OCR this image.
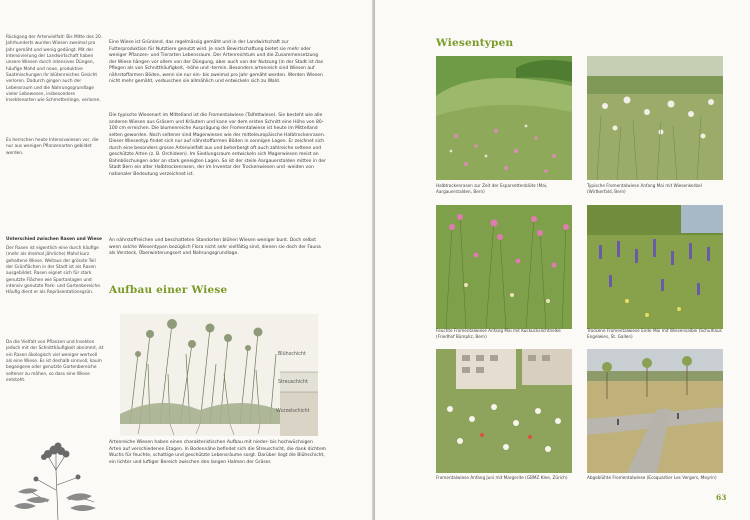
Rückgang der Artenvielfalt: Bis Mitte des 20. Jahrhunderts wurden Wiesen zweimal pro Jahr gemäht und wenig gedüngt. Mit der Intensivierung der Landwirtschaft haben unsere Wiesen durch intensives Düngen, häufige Mahd und neue, produktive Saatmischungen ihr blütenreiches Gesicht verloren. Dadurch gingen auch der Lebensraum und die Nahrungsgrundlage vieler Lebewesen, insbesondere Insektenarten wie Schmetterlinge, verloren.

Es herrschen heute Intensivwiesen vor, die nur aus wenigen Pflanzenarten gebildet werden.

Unterschied zwischen Rasen und Wiese

Der Rasen ist eigentlich eine durch häufige (mehr als dreimal jährliche) Mahd kurz gehaltene Wiese. Weitaus der grösste Teil der Grünflächen in der Stadt ist als Rasen ausgebildet. Rasen eignet sich für stark genutzte Flächen wie Sportanlagen und intensiv genutzte Park- und Gartenbereiche. Häufig dient er als Repräsentationsgrün.

Da die Vielfalt von Pflanzen und Insekten jedoch mit der Schnitthäufigkeit abnimmt, ist ein Rasen ökologisch viel weniger wertvoll als eine Wiese. Es ist deshalb sinnvoll, kaum begangene oder genutzte Gartenbereiche seltener zu mähen, so dass eine Wiese entsteht.

Eine Wiese ist Grünland, das regelmässig gemäht und in der Landwirtschaft zur Futterproduktion für Nutztiere genutzt wird. Je nach Bewirtschaftung bietet sie mehr oder weniger Pflanzen- und Tierarten Lebensraum. Der Artenreichtum und die Zusammensetzung der Wiese hängen vor allem von der Düngung, aber auch von der Nutzung (in der Stadt ist das Pflegen als von Schnitthäufigkeit, -höhe und -termin. Besonders artenreich sind Wiesen auf nährstoffarmen Böden, wenn sie nur ein- bis zweimal pro Jahr gemäht werden. Werden Wiesen nicht mehr gemäht, verbuschen sie allmählich und entwickeln sich zu Wald.
Die typische Wiesenart im Mittelland ist die Fromentalwiese (Talfettwiese). Sie besteht wie alle anderen Wiesen aus Gräsern und Kräutern und kann vor dem ersten Schnitt eine Höhe von 80–100 cm erreichen. Die blumenreiche Ausprägung der Fromentalwiese ist heute im Mittelland selten geworden. Noch seltener sind Magerwiesen wie der mitteleuropäische Halbtrockenrasen. Dieser Wiesentyp findet sich nur auf nährstoffarmen Böden in sonnigen Lagen. Er zeichnet sich durch eine besonders grosse Artenvielfalt aus und beherbergt oft auch zahlreiche seltene und geschützte Arten (z. B. Orchideen). Im Siedlungsraum entwickeln sich Magerwiesen meist an Bahnböschungen oder an stark geneigten Lagen. So ist der steile Aargauerstalden mitten in der Stadt Bern ein alter Halbtrockenrasen, der im Inventar der Trockenwiesen und -weiden von nationaler Bedeutung verzeichnet ist.
An nährstoffreichen und beschatteten Standorten blühen Wiesen weniger bunt. Doch selbst wenn solche Wiesentypen bezüglich Flora nicht sehr vielfältig sind, dienen sie doch der Fauna als Versteck, Überwinterungsort und Nahrungsgrundlage.
Aufbau einer Wiese
Blühschicht
Streuschicht
Wurzelschicht
Artenreiche Wiesen haben einen charakteristischen Aufbau mit nieder- bis hochwüchsigen Arten auf verschiedenen Etagen. In Bodennähe befindet sich die Streuschicht, die dank dichtem Wuchs für feuchte, schattige und geschützte Lebensräume sorgt. Darüber liegt die Blühschicht, ein lichter und luftiger Bereich zwischen den langen Halmen der Gräser.
Wiesentypen
Halbtrockenrasen zur Zeit der Esparsettenblüte (Mai, Aargauerstalden, Bern)
Typische Fromentalwiese Anfang Mai mit Wiesenkerbel (Wirtkerfald, Bern)
Feuchte Fromentalwiese Anfang Mai mit Kuckuckslichtnelke (Friedhof Bümpliz, Bern)
Trockene Fromentalwiese Ende Mai mit Wiesensalbei (Schulhaus Engelwies, St. Gallen)
Fromentalwiese Anfang Juni mit Margerite (GBMZ Klee, Zürich)	Abgeblühte Fromentalwiese (Ecoquartier Les Vergers, Meyrin)
63
